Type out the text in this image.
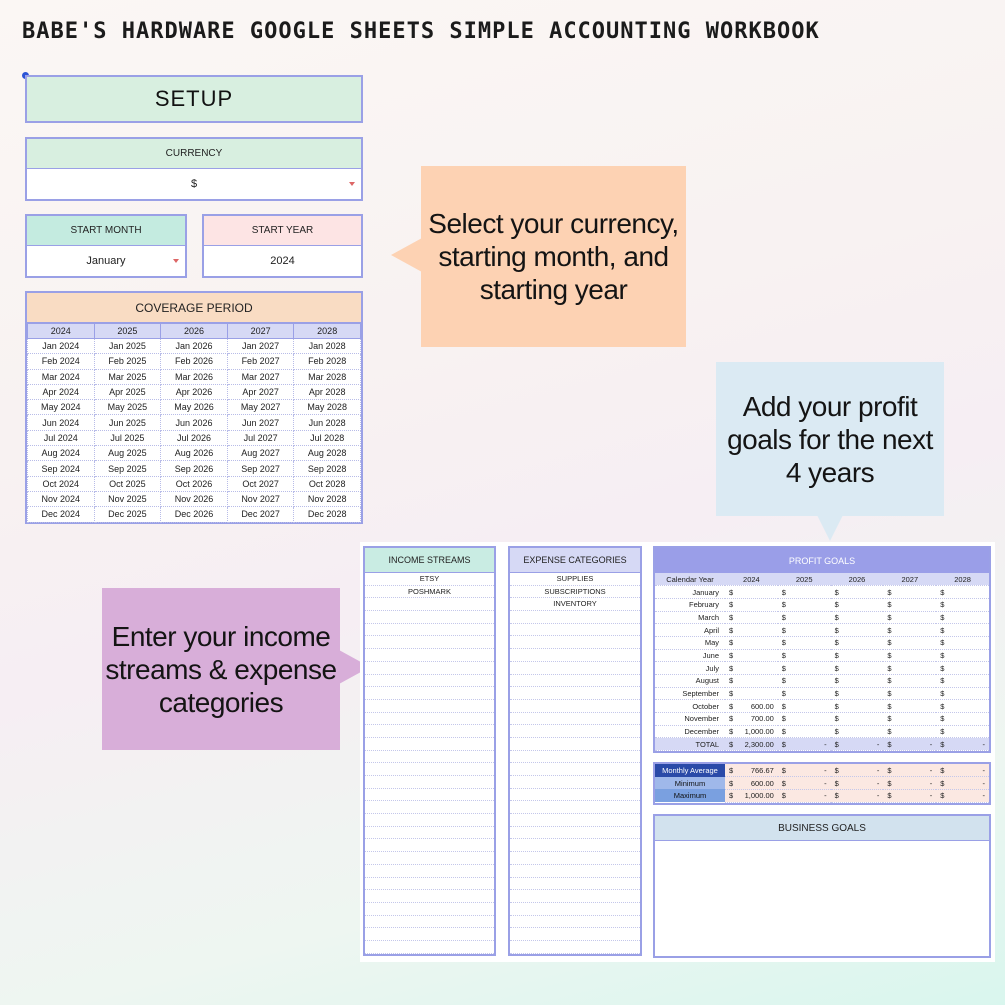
BABE'S HARDWARE GOOGLE SHEETS SIMPLE ACCOUNTING WORKBOOK
SETUP
CURRENCY
$
START MONTH
January
START YEAR
2024
COVERAGE PERIOD
2024	2025	2026	2027	2028
Jan 2024	Jan 2025	Jan 2026	Jan 2027	Jan 2028
Feb 2024	Feb 2025	Feb 2026	Feb 2027	Feb 2028
Mar 2024	Mar 2025	Mar 2026	Mar 2027	Mar 2028
Apr 2024	Apr 2025	Apr 2026	Apr 2027	Apr 2028
May 2024	May 2025	May 2026	May 2027	May 2028
Jun 2024	Jun 2025	Jun 2026	Jun 2027	Jun 2028
Jul 2024	Jul 2025	Jul 2026	Jul 2027	Jul 2028
Aug 2024	Aug 2025	Aug 2026	Aug 2027	Aug 2028
Sep 2024	Sep 2025	Sep 2026	Sep 2027	Sep 2028
Oct 2024	Oct 2025	Oct 2026	Oct 2027	Oct 2028
Nov 2024	Nov 2025	Nov 2026	Nov 2027	Nov 2028
Dec 2024	Dec 2025	Dec 2026	Dec 2027	Dec 2028
Select your currency, starting month, and starting year
Add your profit goals for the next 4 years
Enter your income streams & expense categories
INCOME STREAMS
ETSY
POSHMARK
EXPENSE CATEGORIES
SUPPLIES
SUBSCRIPTIONS
INVENTORY
PROFIT GOALS
Calendar Year	2024	2025	2026	2027	2028
January	$	$	$	$	$

February	$	$	$	$	$

March	$	$	$	$	$

April	$	$	$	$	$

May	$	$	$	$	$

June	$	$	$	$	$

July	$	$	$	$	$

August	$	$	$	$	$

September	$	$	$	$	$

October	$ 600.00	$	$	$	$

November	$ 700.00	$	$	$	$

December	$ 1,000.00	$	$	$	$

TOTAL	$ 2,300.00	$ -	$ -	$ -	$ -
Monthly Average	$ 766.67	$ -	$ -	$ -	$ -

Minimum	$ 600.00	$ -	$ -	$ -	$ -

Maximum	$ 1,000.00	$ -	$ -	$ -	$ -
BUSINESS GOALS
